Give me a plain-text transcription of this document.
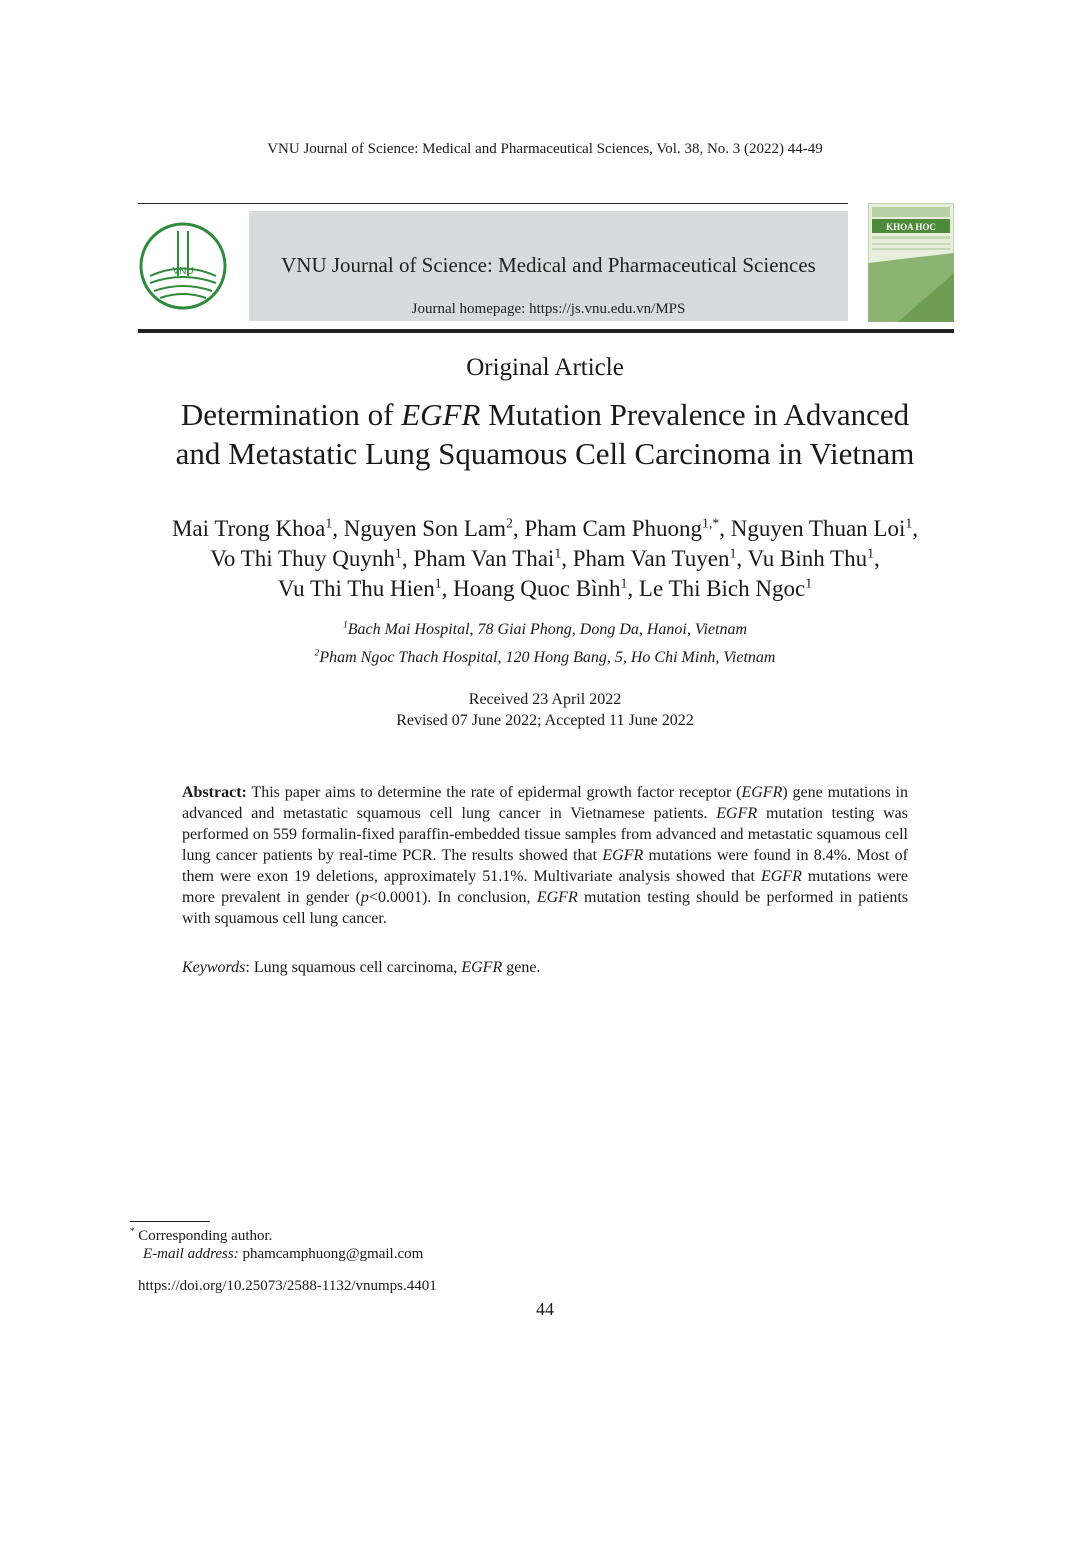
VNU Journal of Science: Medical and Pharmaceutical Sciences, Vol. 38, No. 3 (2022) 44-49
VNU	VNU Journal of Science: Medical and Pharmaceutical Sciences
Journal homepage: https://js.vnu.edu.vn/MPS
KHOA HOC
Original Article
Determination of EGFR Mutation Prevalence in Advanced
and Metastatic Lung Squamous Cell Carcinoma in Vietnam
Mai Trong Khoa$^1$, Nguyen Son Lam$^2$, Pham Cam Phuong$^{1,*}$, Nguyen Thuan Loi$^1$,
Vo Thi Thuy Quynh$^1$, Pham Van Thai$^1$, Pham Van Tuyen$^1$, Vu Binh Thu$^1$,
Vu Thi Thu Hien$^1$, Hoang Quoc Bình$^1$, Le Thi Bich Ngoc$^1$
$^1$Bach Mai Hospital, 78 Giai Phong, Dong Da, Hanoi, Vietnam
$^2$Pham Ngoc Thach Hospital, 120 Hong Bang, 5, Ho Chi Minh, Vietnam
Received 23 April 2022
Revised 07 June 2022; Accepted 11 June 2022
Abstract: This paper aims to determine the rate of epidermal growth factor receptor (EGFR) gene mutations in advanced and metastatic squamous cell lung cancer in Vietnamese patients. EGFR mutation testing was performed on 559 formalin-fixed paraffin-embedded tissue samples from advanced and metastatic squamous cell lung cancer patients by real-time PCR. The results showed that EGFR mutations were found in 8.4%. Most of them were exon 19 deletions, approximately 51.1%. Multivariate analysis showed that EGFR mutations were more prevalent in gender (p<0.0001). In conclusion, EGFR mutation testing should be performed in patients with squamous cell lung cancer.
Keywords: Lung squamous cell carcinoma, EGFR gene.
* Corresponding author.
E-mail address: phamcamphuong@gmail.com
https://doi.org/10.25073/2588-1132/vnumps.4401
44
